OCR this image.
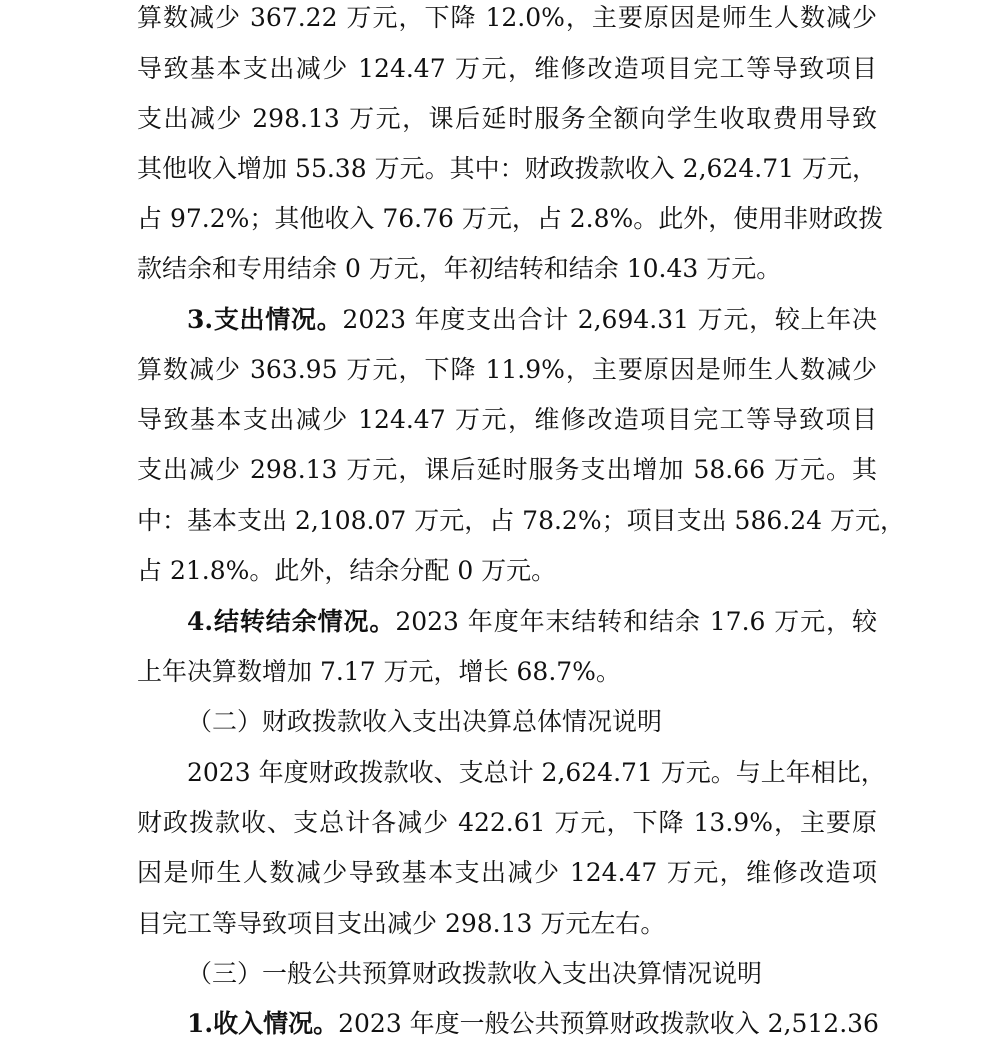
算数减少 367.22 万元，下降 12.0%，主要原因是师生人数减少
导致基本支出减少 124.47 万元，维修改造项目完工等导致项目
支出减少 298.13 万元，课后延时服务全额向学生收取费用导致
其他收入增加 55.38 万元。其中：财政拨款收入 2,624.71 万元，
占 97.2%；其他收入 76.76 万元，占 2.8%。此外，使用非财政拨
款结余和专用结余 0 万元，年初结转和结余 10.43 万元。
3.支出情况。2023 年度支出合计 2,694.31 万元，较上年决
算数减少 363.95 万元，下降 11.9%，主要原因是师生人数减少
导致基本支出减少 124.47 万元，维修改造项目完工等导致项目
支出减少 298.13 万元，课后延时服务支出增加 58.66 万元。其
中：基本支出 2,108.07 万元，占 78.2%；项目支出 586.24 万元，
占 21.8%。此外，结余分配 0 万元。
4.结转结余情况。2023 年度年末结转和结余 17.6 万元，较
上年决算数增加 7.17 万元，增长 68.7%。
（二）财政拨款收入支出决算总体情况说明
2023 年度财政拨款收、支总计 2,624.71 万元。与上年相比，
财政拨款收、支总计各减少 422.61 万元，下降 13.9%，主要原
因是师生人数减少导致基本支出减少 124.47 万元，维修改造项
目完工等导致项目支出减少 298.13 万元左右。
（三）一般公共预算财政拨款收入支出决算情况说明
1.收入情况。2023 年度一般公共预算财政拨款收入 2,512.36
